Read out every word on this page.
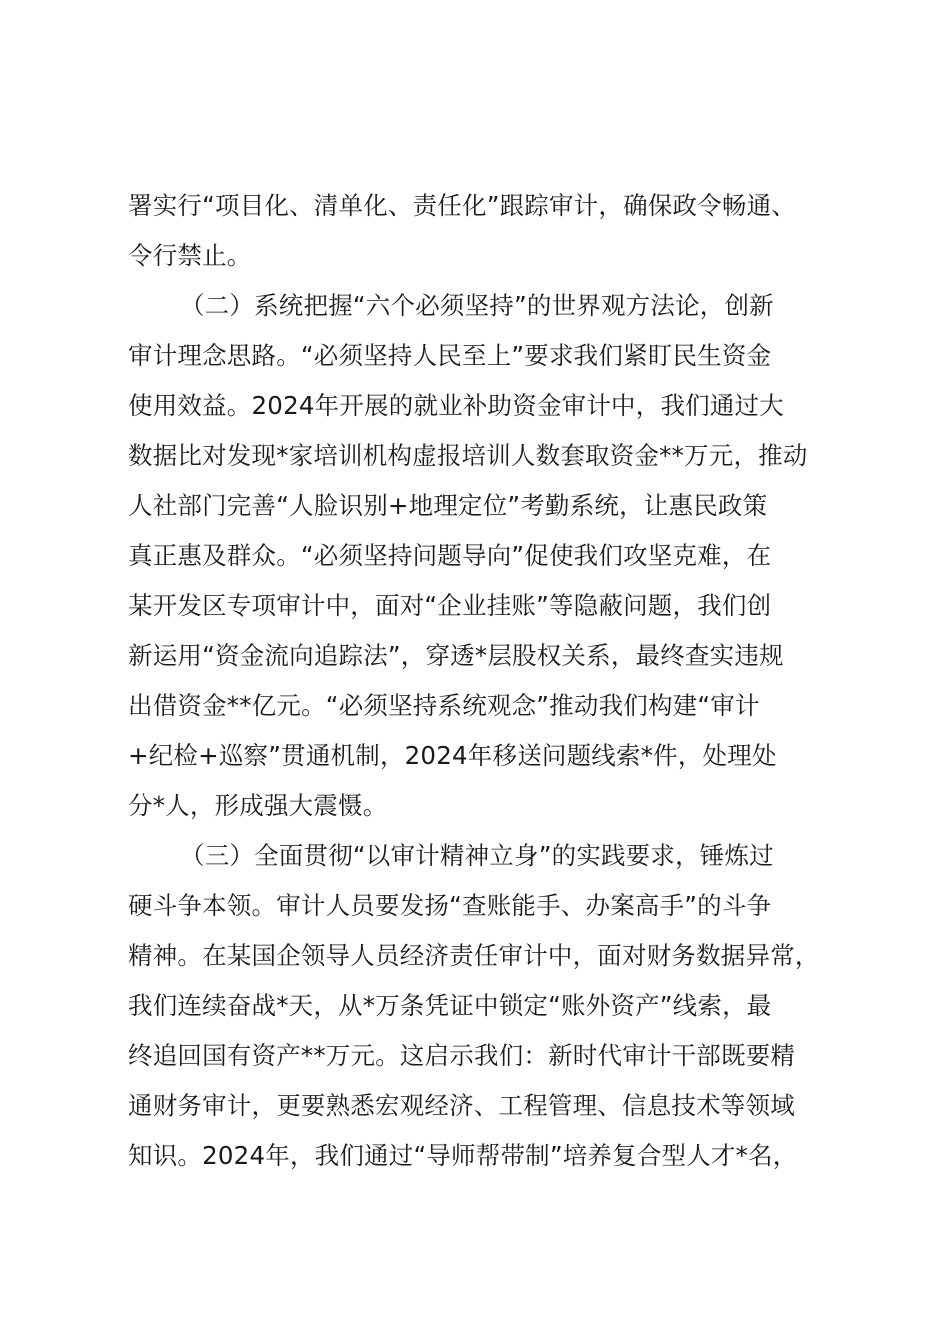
署实行“项目化、清单化、责任化”跟踪审计，确保政令畅通、
令行禁止。
（二）系统把握“六个必须坚持”的世界观方法论，创新
审计理念思路。“必须坚持人民至上”要求我们紧盯民生资金
使用效益。2024年开展的就业补助资金审计中，我们通过大
数据比对发现*家培训机构虚报培训人数套取资金**万元，推动
人社部门完善“人脸识别+地理定位”考勤系统，让惠民政策
真正惠及群众。“必须坚持问题导向”促使我们攻坚克难，在
某开发区专项审计中，面对“企业挂账”等隐蔽问题，我们创
新运用“资金流向追踪法”，穿透*层股权关系，最终查实违规
出借资金**亿元。“必须坚持系统观念”推动我们构建“审计
+纪检+巡察”贯通机制，2024年移送问题线索*件，处理处
分*人，形成强大震慑。
（三）全面贯彻“以审计精神立身”的实践要求，锤炼过
硬斗争本领。审计人员要发扬“查账能手、办案高手”的斗争
精神。在某国企领导人员经济责任审计中，面对财务数据异常，
我们连续奋战*天，从*万条凭证中锁定“账外资产”线索，最
终追回国有资产**万元。这启示我们：新时代审计干部既要精
通财务审计，更要熟悉宏观经济、工程管理、信息技术等领域
知识。2024年，我们通过“导师帮带制”培养复合型人才*名，
